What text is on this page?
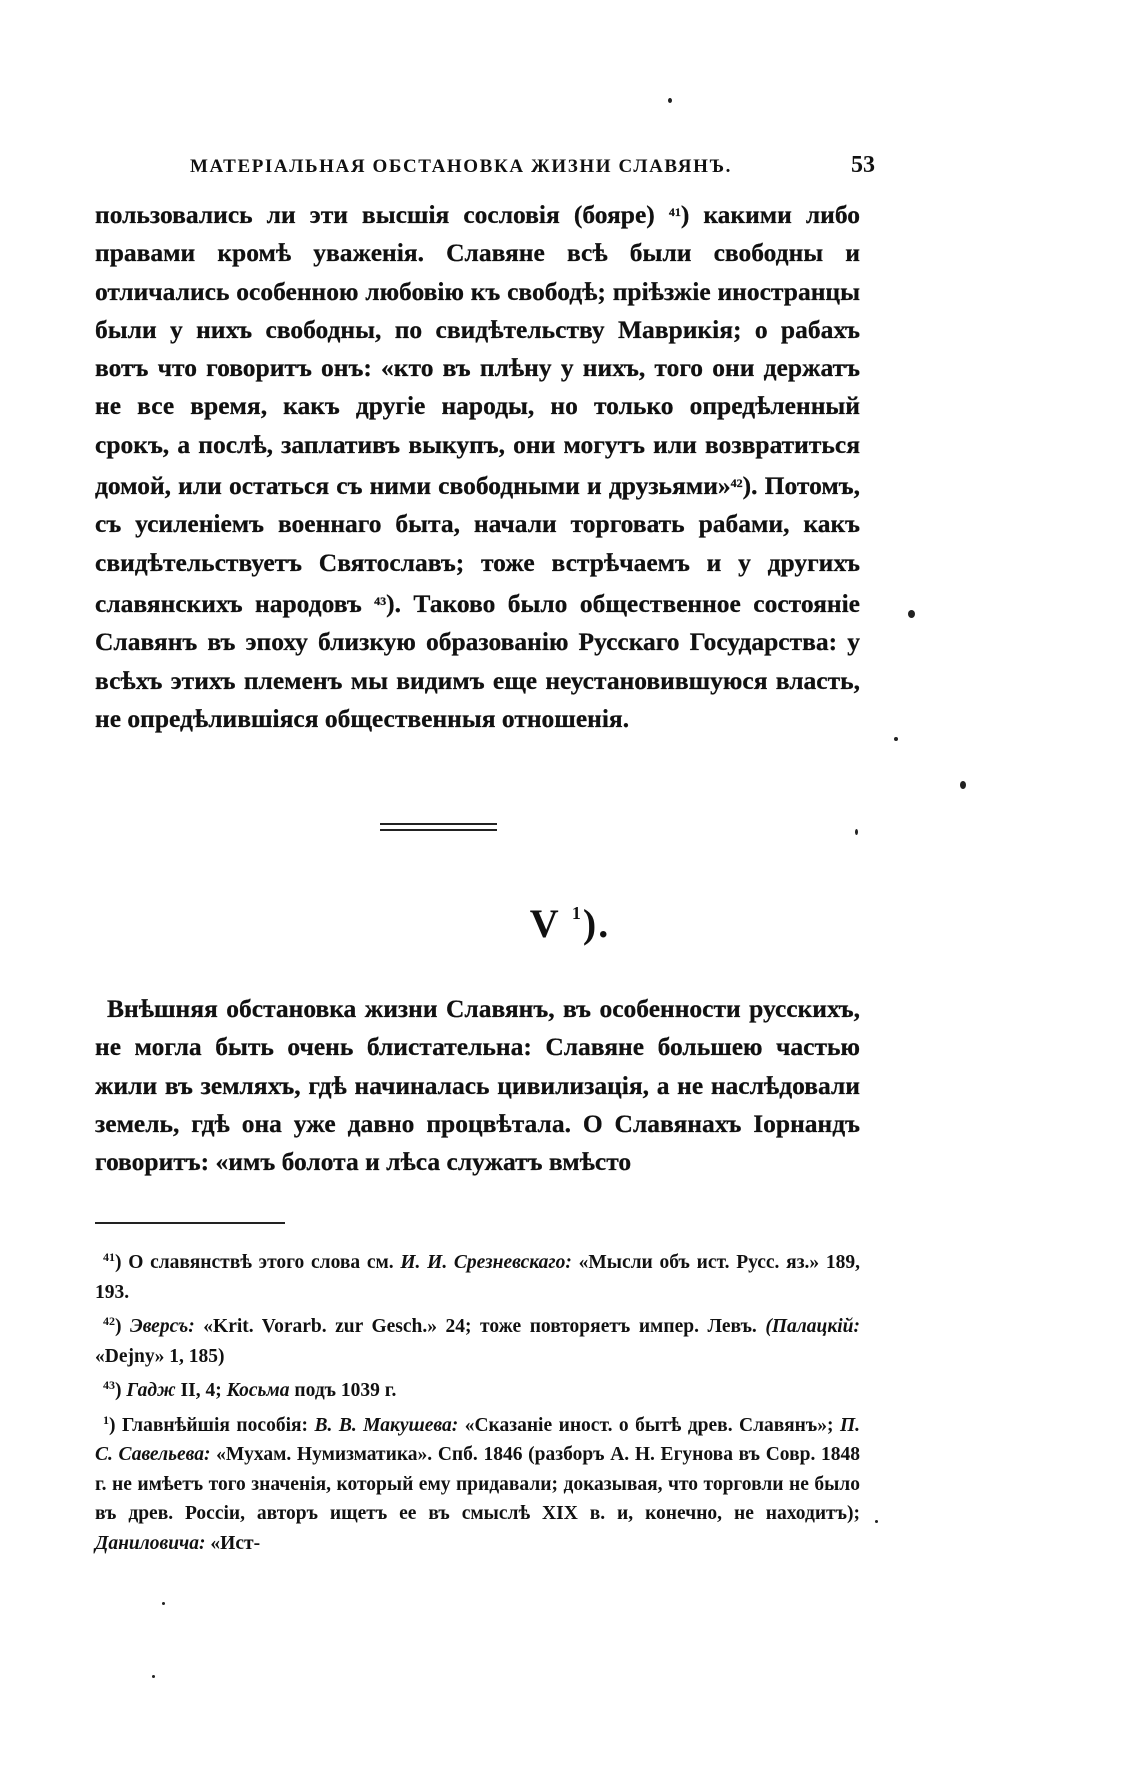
МАТЕРІАЛЬНАЯ ОБСТАНОВКА ЖИЗНИ СЛАВЯНЪ.	53

пользовались ли эти высшія сословія (бояре) $^{41}$) какими либо правами кромѣ уваженія. Славяне всѣ были свободны и отличались особенною любовію къ свободѣ; пріѣзжіе иностранцы были у нихъ свободны, по свидѣтельству Маврикія; о рабахъ вотъ что говоритъ онъ: «кто въ плѣну у нихъ, того они держатъ не все время, какъ другіе народы, но только опредѣленный срокъ, а послѣ, заплативъ выкупъ, они могутъ или возвратиться домой, или остаться съ ними свободными и друзьями»$^{42}$). Потомъ, съ усиленіемъ военнаго быта, начали торговать рабами, какъ свидѣтельствуетъ Святославъ; тоже встрѣчаемъ и у другихъ славянскихъ народовъ $^{43}$). Таково было общественное состояніе Славянъ въ эпоху близкую образованію Русскаго Государства: у всѣхъ этихъ племенъ мы видимъ еще неустановившуюся власть, не опредѣлившіяся общественныя отношенія.

V $^1$).

Внѣшняя обстановка жизни Славянъ, въ особенности русскихъ, не могла быть очень блистательна: Славяне большею частью жили въ земляхъ, гдѣ начиналась цивилизація, а не наслѣдовали земель, гдѣ она уже давно процвѣтала. О Славянахъ Іорнандъ говоритъ: «имъ болота и лѣса служатъ вмѣсто

$^{41}$) О славянствѣ этого слова см. И. И. Срезневскаго: «Мысли объ ист. Русс. яз.» 189, 193.

$^{42}$) Эверсъ: «Krit. Vorarb. zur Gesch.» 24; тоже повторяетъ импер. Левъ. (Палацкій: «Dejny» 1, 185)

$^{43}$) Гадж II, 4; Косьма подъ 1039 г.

$^1$) Главнѣйшія пособія: В. В. Макушева: «Сказаніе иност. о бытѣ древ. Славянъ»; П. С. Савельева: «Мухам. Нумизматика». Спб. 1846 (разборъ А. Н. Егунова въ Совр. 1848 г. не имѣетъ того значенія, который ему придавали; доказывая, что торговли не было въ древ. Россіи, авторъ ищетъ ее въ смыслѣ XIX в. и, конечно, не находитъ); Даниловича: «Ист-
